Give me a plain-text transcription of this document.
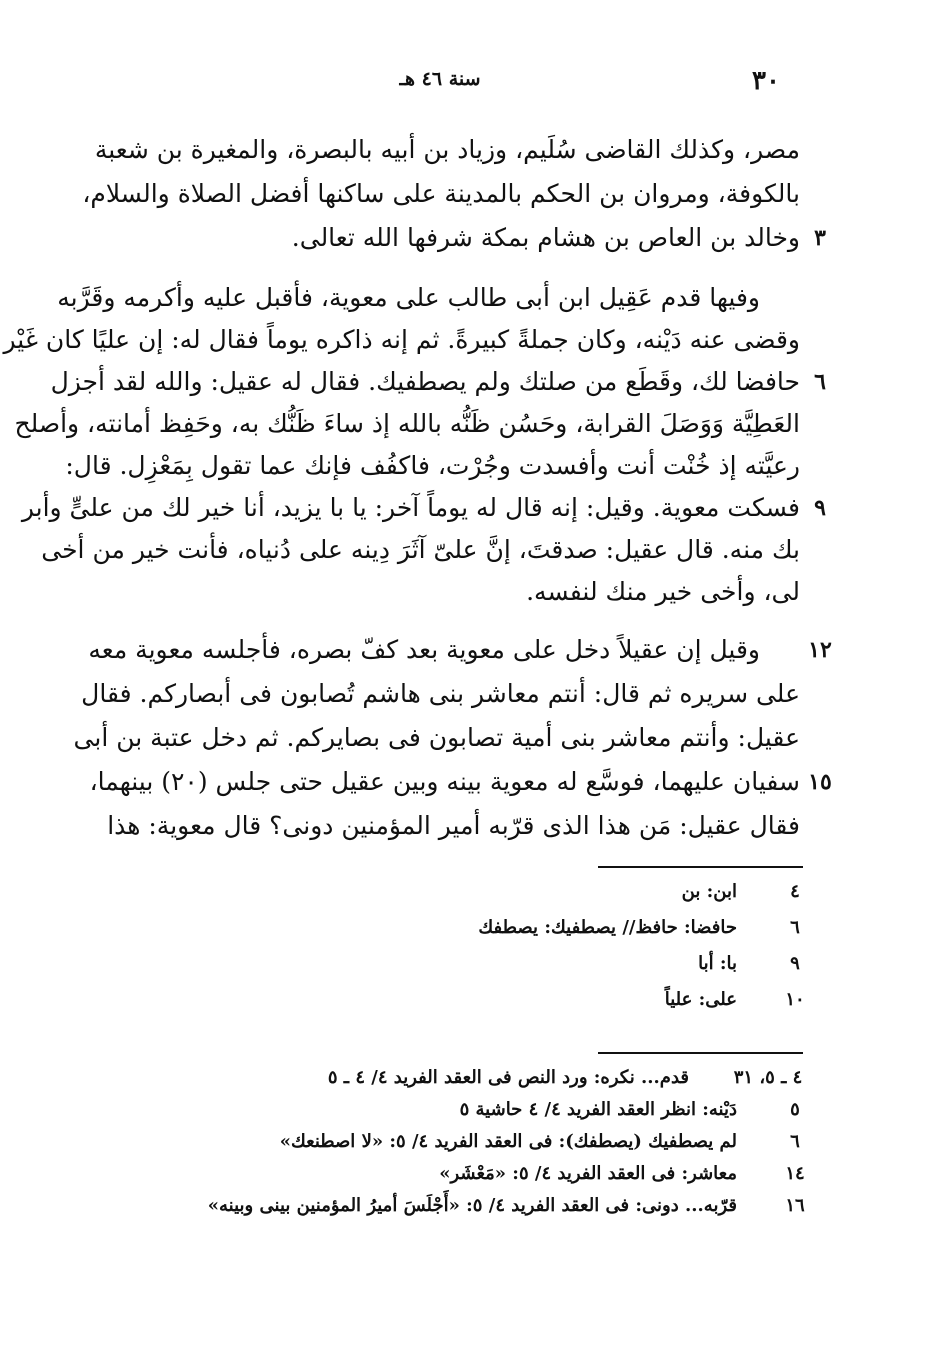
٣٠
سنة ٤٦ هـ
مصر، وكذلك القاضى سُلَيم، وزياد بن أبيه بالبصرة، والمغيرة بن شعبة
بالكوفة، ومروان بن الحكم بالمدينة على ساكنها أفضل الصلاة والسلام،
وخالد بن العاص بن هشام بمكة شرفها الله تعالى. ٣
وفيها قدم عَقِيل ابن أبى طالب على معوية، فأقبل عليه وأكرمه وقَرَّبه
وقضى عنه دَيْنه، وكان جملةً كبيرةً. ثم إنه ذاكره يوماً فقال له: إن عليًا كان غَيْر
حافضا لك، وقَطَع من صلتك ولم يصطفيك. فقال له عقيل: والله لقد أجزل ٦
العَطِيَّة وَوَصَلَ القرابة، وحَسُن ظَنُّه بالله إذ ساءَ ظَنُّك به، وحَفِظ أمانته، وأصلح
رعيَّته إذ خُنْت أنت وأفسدت وجُرْت، فاكفُف فإنك عما تقول بِمَعْزِل. قال:
فسكت معوية. وقيل: إنه قال له يوماً آخر: يا با يزيد، أنا خير لك من علىٍّ وأبر ٩
بك منه. قال عقيل: صدقتَ، إنَّ علىّ آثَرَ دِينه على دُنياه، فأنت خير من أخى
لى، وأخى خير منك لنفسه.
وقيل إن عقيلاً دخل على معوية بعد كفّ بصره، فأجلسه معوية معه	١٢
على سريره ثم قال: أنتم معاشر بنى هاشم تُصابون فى أبصاركم. فقال
عقيل: وأنتم معاشر بنى أمية تصابون فى بصايركم. ثم دخل عتبة بن أبى
سفيان عليهما، فوسَّع له معوية بينه وبين عقيل حتى جلس (٢٠) بينهما، ١٥
فقال عقيل: مَن هذا الذى قرّبه أمير المؤمنين دونى؟ قال معوية: هذا
٤
ابن: بن
٦
حافضا: حافظ// يصطفيك: يصطفك
٩
با: أبا
١٠
على: علياً
٤ ـ ٥، ٣١
قدم... نكره: ورد النص فى العقد الفريد ٤/ ٤ ـ ٥
٥
دَيْنه: انظر العقد الفريد ٤/ ٤ حاشية ٥
٦
لم يصطفيك (يصطفك): فى العقد الفريد ٤/ ٥: «لا اصطنعك»
١٤
معاشر: فى العقد الفريد ٤/ ٥: «مَعْشَر»
١٦
قرّبه... دونى: فى العقد الفريد ٤/ ٥: «أَجْلَسَ أميرُ المؤمنين بينى وبينه»
